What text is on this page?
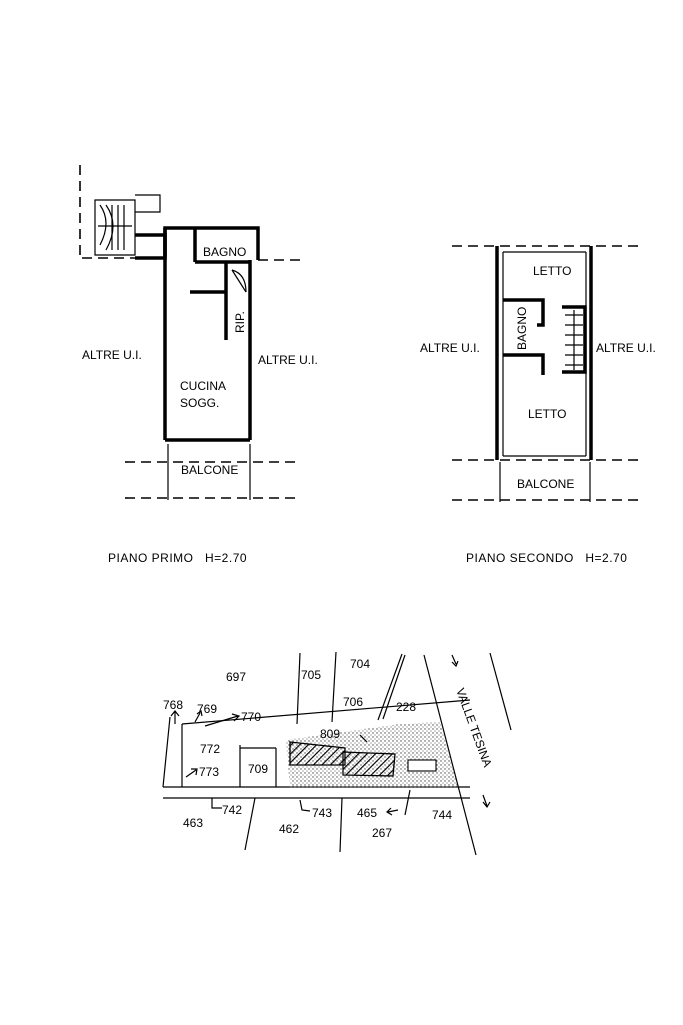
BAGNO
RIP.
CUCINA
SOGG.
BALCONE
ALTRE U.I.	ALTRE U.I.
PIANO PRIMO   H=2.70
LETTO
BAGNO
LETTO
BALCONE
ALTRE U.I.	ALTRE U.I.
PIANO SECONDO   H=2.70
697	705
704
706	228
768 769
770
809
772
773 709
742	743 465
463	462	267
744
VALLE TESINA
